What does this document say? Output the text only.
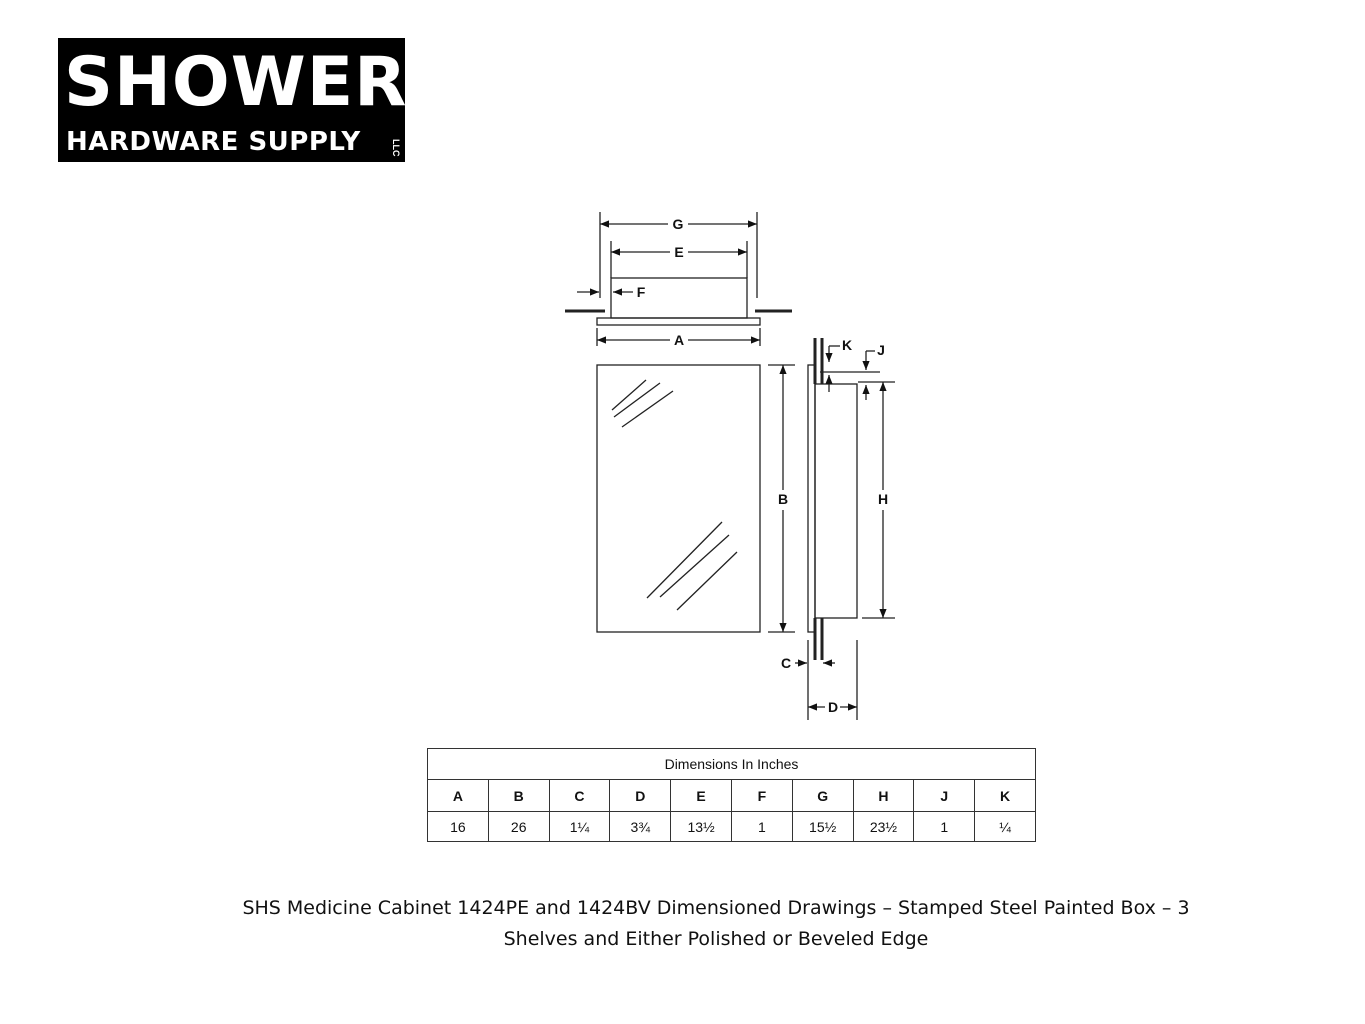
SHOWER
HARDWARE SUPPLY	LLC
G
E
F
A
B
K J
H
C
D
Dimensions In Inches									
A	B	C	D	E	F	G	H	J	K
16	26	1¼	3¾	13½	1	15½	23½	1	¼
SHS Medicine Cabinet 1424PE and 1424BV Dimensioned Drawings – Stamped Steel Painted Box – 3
Shelves and Either Polished or Beveled Edge
